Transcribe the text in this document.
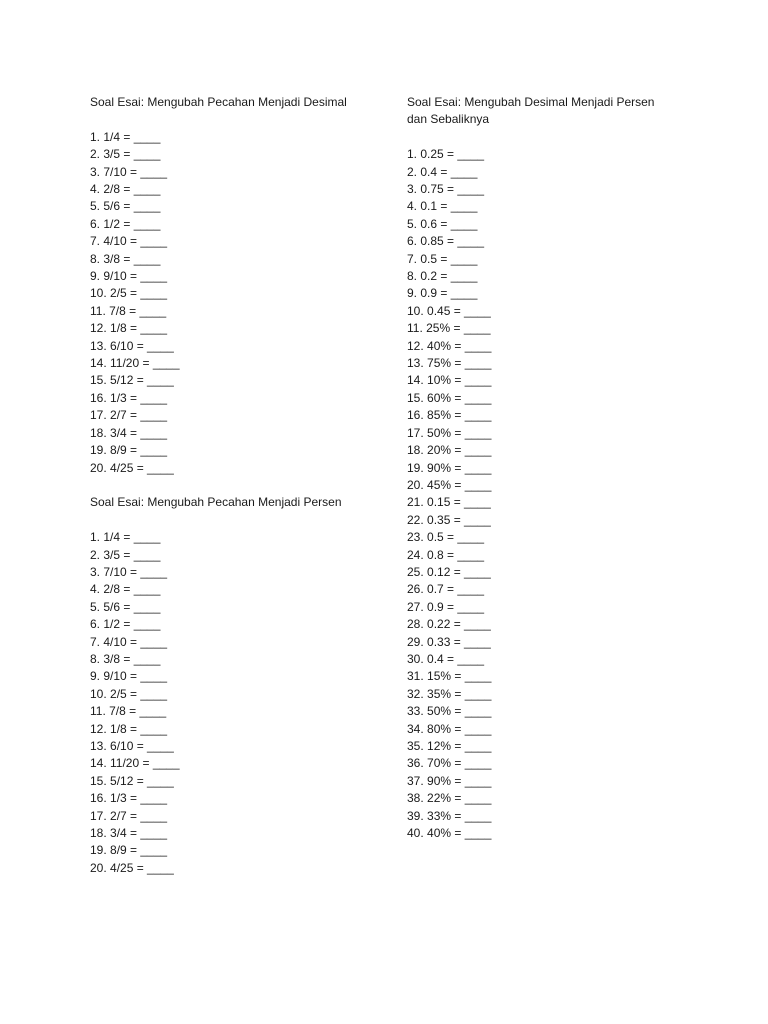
Soal Esai: Mengubah Pecahan Menjadi Desimal

1. 1/4 = ____
2. 3/5 = ____
3. 7/10 = ____
4. 2/8 = ____
5. 5/6 = ____
6. 1/2 = ____
7. 4/10 = ____
8. 3/8 = ____
9. 9/10 = ____
10. 2/5 = ____
11. 7/8 = ____
12. 1/8 = ____
13. 6/10 = ____
14. 11/20 = ____
15. 5/12 = ____
16. 1/3 = ____
17. 2/7 = ____
18. 3/4 = ____
19. 8/9 = ____
20. 4/25 = ____

Soal Esai: Mengubah Pecahan Menjadi Persen

1. 1/4 = ____
2. 3/5 = ____
3. 7/10 = ____
4. 2/8 = ____
5. 5/6 = ____
6. 1/2 = ____
7. 4/10 = ____
8. 3/8 = ____
9. 9/10 = ____
10. 2/5 = ____
11. 7/8 = ____
12. 1/8 = ____
13. 6/10 = ____
14. 11/20 = ____
15. 5/12 = ____
16. 1/3 = ____
17. 2/7 = ____
18. 3/4 = ____
19. 8/9 = ____
20. 4/25 = ____

Soal Esai: Mengubah Desimal Menjadi Persen

dan Sebaliknya

1. 0.25 = ____
2. 0.4 = ____
3. 0.75 = ____
4. 0.1 = ____
5. 0.6 = ____
6. 0.85 = ____
7. 0.5 = ____
8. 0.2 = ____
9. 0.9 = ____
10. 0.45 = ____
11. 25% = ____
12. 40% = ____
13. 75% = ____
14. 10% = ____
15. 60% = ____
16. 85% = ____
17. 50% = ____
18. 20% = ____
19. 90% = ____
20. 45% = ____
21. 0.15 = ____
22. 0.35 = ____
23. 0.5 = ____
24. 0.8 = ____
25. 0.12 = ____
26. 0.7 = ____
27. 0.9 = ____
28. 0.22 = ____
29. 0.33 = ____
30. 0.4 = ____
31. 15% = ____
32. 35% = ____
33. 50% = ____
34. 80% = ____
35. 12% = ____
36. 70% = ____
37. 90% = ____
38. 22% = ____
39. 33% = ____
40. 40% = ____
